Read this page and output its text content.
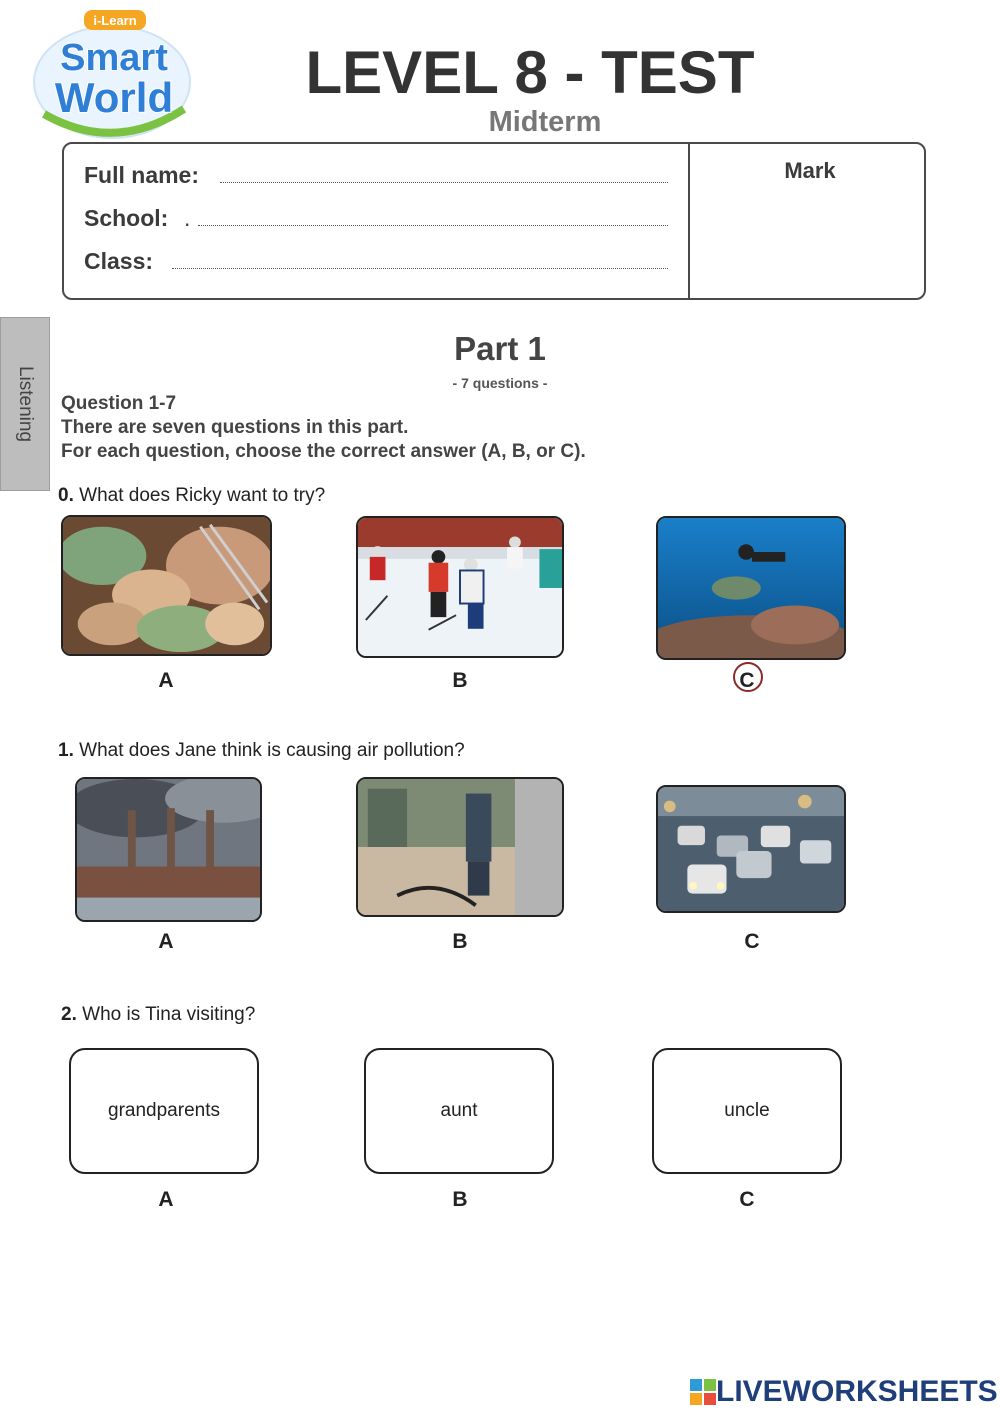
i-Learn
Smart
World LEVEL 8 - TEST
Midterm
Full name:
School: .
Class:
Mark
Listening
Part 1
- 7 questions -
Question 1-7
There are seven questions in this part.
For each question, choose the correct answer (A, B, or C).
0. What does Ricky want to try?
A	B	C
1. What does Jane think is causing air pollution?
A	B	C
2. Who is Tina visiting?
grandparents	aunt	uncle
A	B	C
LIVEWORKSHEETS
